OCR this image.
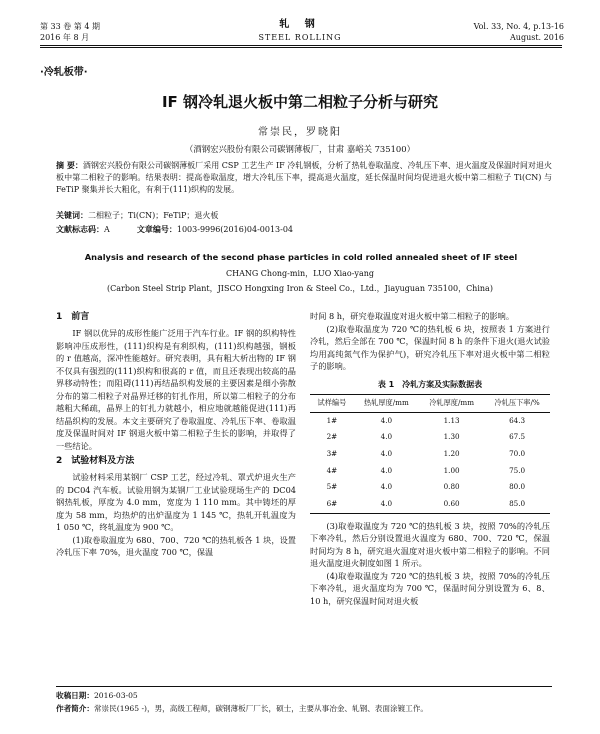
第 33 卷 第 4 期
2016 年 8 月
轧 钢
STEEL ROLLING
Vol. 33, No. 4, p.13-16
August. 2016
·冷轧板带·
IF 钢冷轧退火板中第二相粒子分析与研究
常崇民，罗晓阳
（酒钢宏兴股份有限公司碳钢薄板厂，甘肃 嘉峪关 735100）
摘 要：酒钢宏兴股份有限公司碳钢薄板厂采用 CSP 工艺生产 IF 冷轧钢板，分析了热轧卷取温度、冷轧压下率、退火温度及保温时间对退火板中第二相粒子的影响。结果表明：提高卷取温度，增大冷轧压下率，提高退火温度，延长保温时间均促进退火板中第二相粒子 Ti(CN) 与 FeTiP 聚集并长大粗化，有利于(111)织构的发展。
关键词：二相粒子；Ti(CN)；FeTiP；退火板
文献标志码：A	文章编号：1003-9996(2016)04-0013-04
Analysis and research of the second phase particles in cold rolled annealed sheet of IF steel
CHANG Chong-min，LUO Xiao-yang
(Carbon Steel Strip Plant，JISCO Hongxing Iron & Steel Co.，Ltd.，Jiayuguan 735100，China)
1　前言

IF 钢以优异的成形性能广泛用于汽车行业。IF 钢的织构特性影响冲压成形性，(111)织构是有利织构，(111)织构越强，钢板的 r 值越高，深冲性能越好。研究表明，具有粗大析出物的 IF 钢不仅具有强烈的(111)织构和很高的 r 值，而且还表现出较高的晶界移动特性；而阻碍(111)再结晶织构发展的主要因素是细小弥散分布的第二相粒子对晶界迁移的钉扎作用，所以第二相粒子的分布越粗大稀疏，晶界上的钉扎力就越小，相应地就越能促进(111)再结晶织构的发展。本文主要研究了卷取温度、冷轧压下率、卷取温度及保温时间对 IF 钢退火板中第二相粒子生长的影响，并取得了一些结论。

2　试验材料及方法

试验材料采用某钢厂 CSP 工艺，经过冷轧、罩式炉退火生产的 DC04 汽车板。试验用钢为某钢厂工业试验现场生产的 DC04 钢热轧板，厚度为 4.0 mm，宽度为 1 110 mm。其中铸坯的厚度为 58 mm，均热炉的出炉温度为 1 145 ℃，热轧开轧温度为 1 050 ℃，终轧温度为 900 ℃。

(1)取卷取温度为 680、700、720 ℃的热轧板各 1 块，设置冷轧压下率 70%，退火温度 700 ℃，保温

时间 8 h，研究卷取温度对退火板中第二相粒子的影响。

(2)取卷取温度为 720 ℃的热轧板 6 块，按照表 1 方案进行冷轧，然后全部在 700 ℃，保温时间 8 h 的条件下退火(退火试验均用高纯氮气作为保护气)，研究冷轧压下率对退火板中第二相粒子的影响。

表 1　冷轧方案及实际数据表
试样编号	热轧厚度/mm	冷轧厚度/mm	冷轧压下率/%
1#	4.0	1.13	64.3
2#	4.0	1.30	67.5
3#	4.0	1.20	70.0
4#	4.0	1.00	75.0
5#	4.0	0.80	80.0
6#	4.0	0.60	85.0

(3)取卷取温度为 720 ℃的热轧板 3 块，按照 70%的冷轧压下率冷轧，然后分别设置退火温度为 680、700、720 ℃，保温时间均为 8 h，研究退火温度对退火板中第二相粒子的影响。不同退火温度退火制度如图 1 所示。

(4)取卷取温度为 720 ℃的热轧板 3 块，按照 70%的冷轧压下率冷轧，退火温度均为 700 ℃，保温时间分别设置为 6、8、10 h，研究保温时间对退火板

收稿日期：2016-03-05
作者简介：常崇民(1965 -)，男，高级工程师，碳钢薄板厂厂长，硕士，主要从事冶金、轧钢、表面涂镀工作。
